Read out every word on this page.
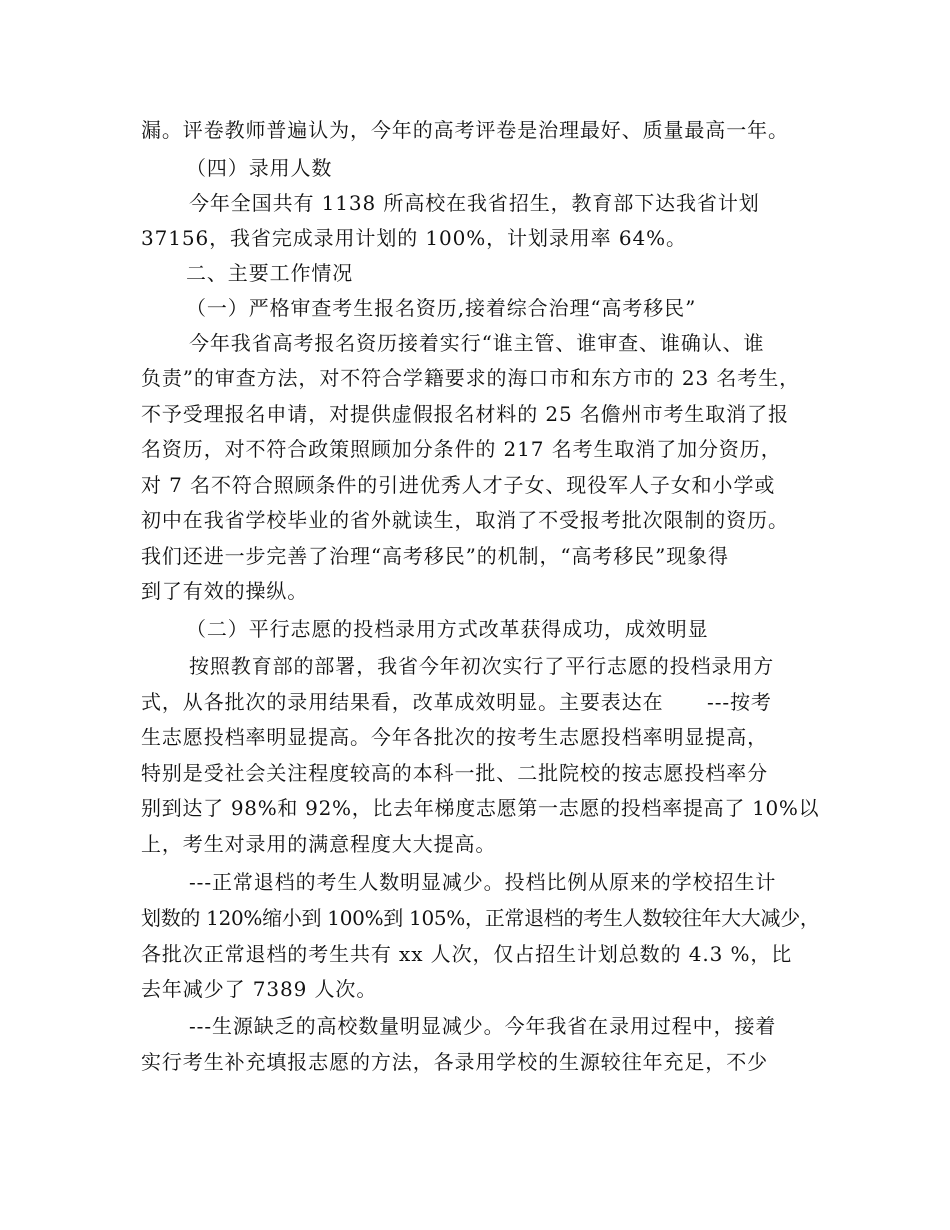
漏。评卷教师普遍认为，今年的高考评卷是治理最好、质量最高一年。
（四）录用人数
今年全国共有 1138 所高校在我省招生，教育部下达我省计划
37156，我省完成录用计划的 100%，计划录用率 64%。
二、主要工作情况
（一）严格审查考生报名资历,接着综合治理“高考移民”
今年我省高考报名资历接着实行“谁主管、谁审查、谁确认、谁
负责”的审查方法，对不符合学籍要求的海口市和东方市的 23 名考生，
不予受理报名申请，对提供虚假报名材料的 25 名儋州市考生取消了报
名资历，对不符合政策照顾加分条件的 217 名考生取消了加分资历，
对 7 名不符合照顾条件的引进优秀人才子女、现役军人子女和小学或
初中在我省学校毕业的省外就读生，取消了不受报考批次限制的资历。
我们还进一步完善了治理“高考移民”的机制，“高考移民”现象得
到了有效的操纵。
（二）平行志愿的投档录用方式改革获得成功，成效明显
按照教育部的部署，我省今年初次实行了平行志愿的投档录用方
式，从各批次的录用结果看，改革成效明显。主要表达在      ---按考
生志愿投档率明显提高。今年各批次的按考生志愿投档率明显提高，
特别是受社会关注程度较高的本科一批、二批院校的按志愿投档率分
别到达了 98%和 92%，比去年梯度志愿第一志愿的投档率提高了 10%以
上，考生对录用的满意程度大大提高。
---正常退档的考生人数明显减少。投档比例从原来的学校招生计
划数的 120%缩小到 100%到 105%，正常退档的考生人数较往年大大减少，
各批次正常退档的考生共有 xx 人次，仅占招生计划总数的 4.3 %，比
去年减少了 7389 人次。
---生源缺乏的高校数量明显减少。今年我省在录用过程中，接着
实行考生补充填报志愿的方法，各录用学校的生源较往年充足，不少
